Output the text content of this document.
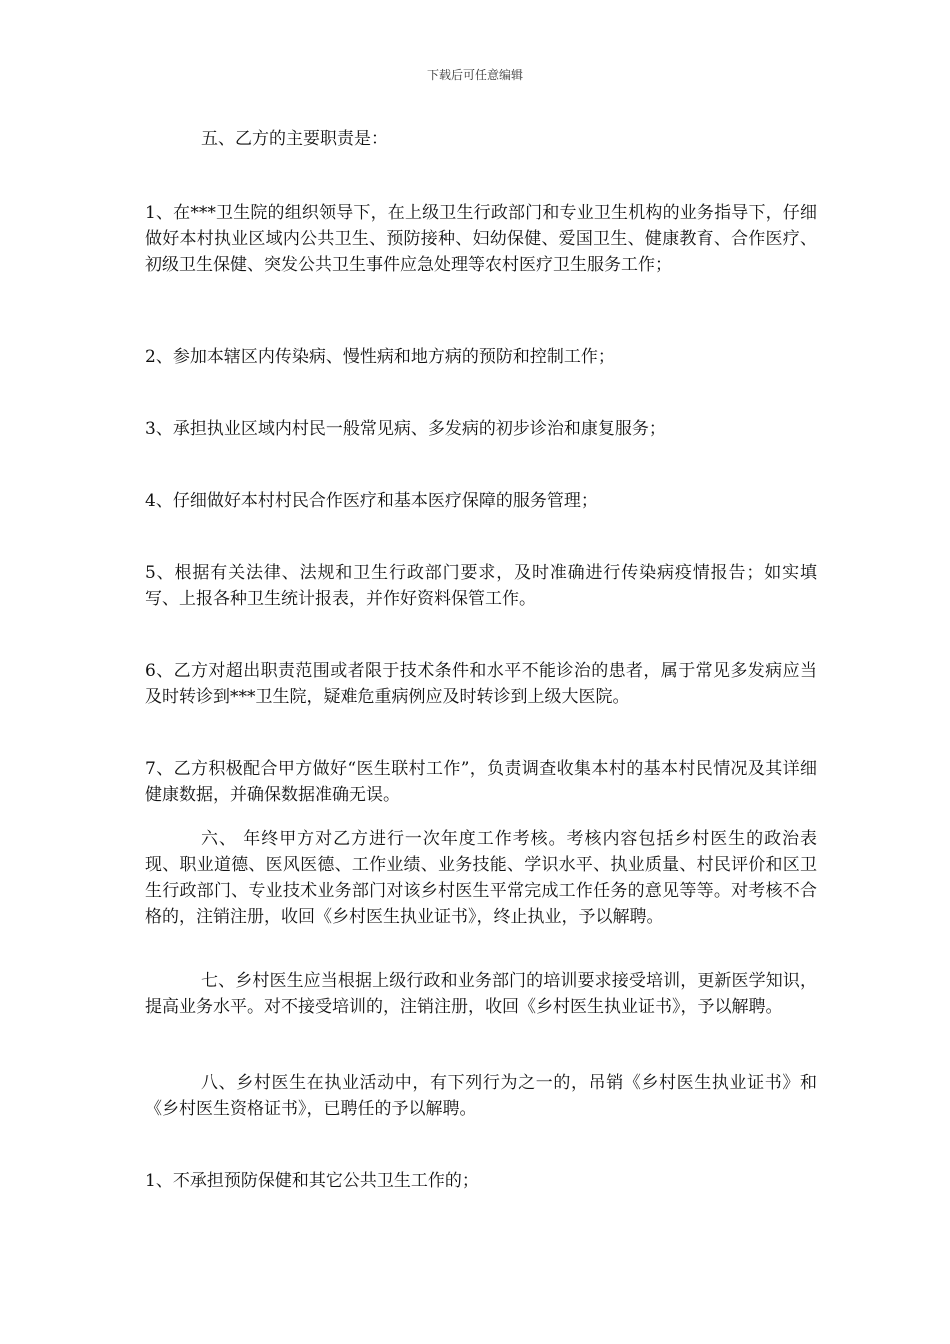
下载后可任意编辑

五、乙方的主要职责是：

1、在***卫生院的组织领导下，在上级卫生行政部门和专业卫生机构的业务指导下，仔细做好本村执业区域内公共卫生、预防接种、妇幼保健、爱国卫生、健康教育、合作医疗、初级卫生保健、突发公共卫生事件应急处理等农村医疗卫生服务工作；

2、参加本辖区内传染病、慢性病和地方病的预防和控制工作；

3、承担执业区域内村民一般常见病、多发病的初步诊治和康复服务；

4、仔细做好本村村民合作医疗和基本医疗保障的服务管理；

5、根据有关法律、法规和卫生行政部门要求，及时准确进行传染病疫情报告；如实填写、上报各种卫生统计报表，并作好资料保管工作。

6、乙方对超出职责范围或者限于技术条件和水平不能诊治的患者，属于常见多发病应当及时转诊到***卫生院，疑难危重病例应及时转诊到上级大医院。

7、乙方积极配合甲方做好“医生联村工作”，负责调查收集本村的基本村民情况及其详细健康数据，并确保数据准确无误。

六、 年终甲方对乙方进行一次年度工作考核。考核内容包括乡村医生的政治表现、职业道德、医风医德、工作业绩、业务技能、学识水平、执业质量、村民评价和区卫生行政部门、专业技术业务部门对该乡村医生平常完成工作任务的意见等等。对考核不合格的，注销注册，收回《乡村医生执业证书》，终止执业，予以解聘。

七、乡村医生应当根据上级行政和业务部门的培训要求接受培训，更新医学知识，提高业务水平。对不接受培训的，注销注册，收回《乡村医生执业证书》，予以解聘。

八、乡村医生在执业活动中，有下列行为之一的，吊销《乡村医生执业证书》和《乡村医生资格证书》，已聘任的予以解聘。

1、不承担预防保健和其它公共卫生工作的；
